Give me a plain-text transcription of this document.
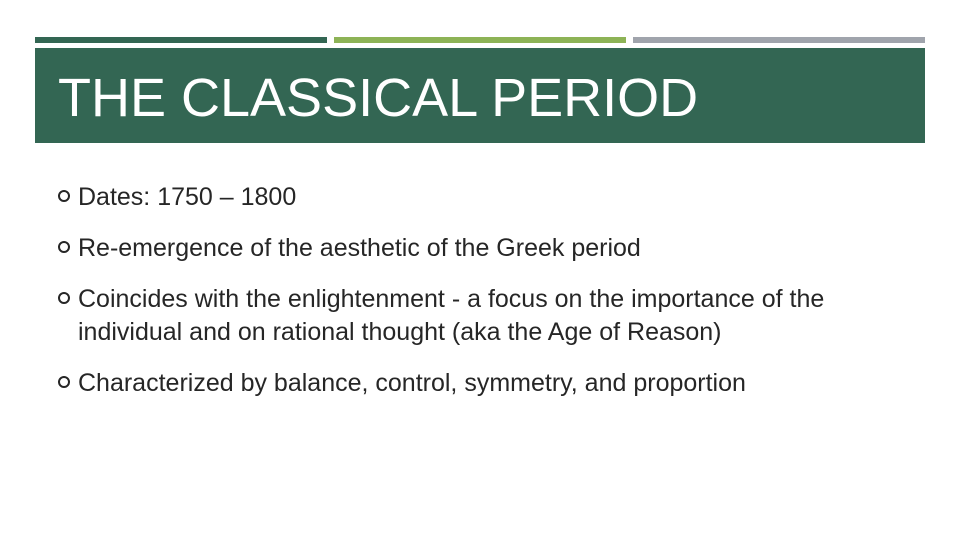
THE CLASSICAL PERIOD
Dates: 1750 – 1800
Re-emergence of the aesthetic of the Greek period
Coincides with the enlightenment - a focus on the importance of the individual and on rational thought (aka the Age of Reason)
Characterized by balance, control, symmetry, and proportion
